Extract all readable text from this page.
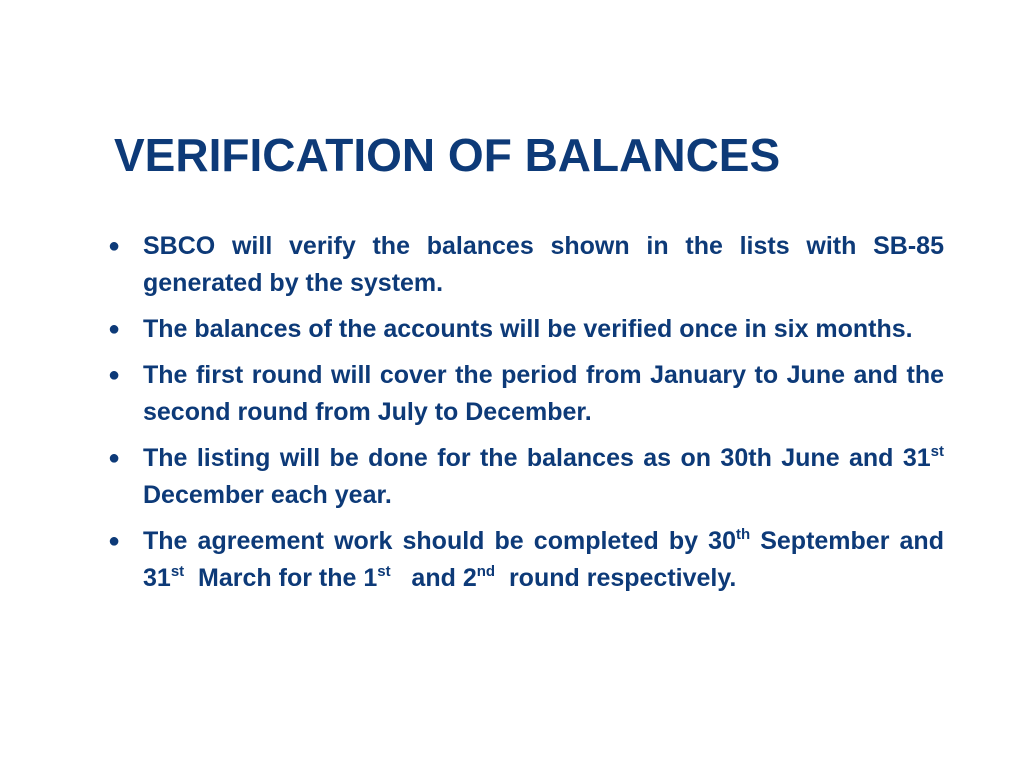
VERIFICATION OF BALANCES
● SBCO will verify the balances shown in the lists with SB-85 generated by the system.
● The balances of the accounts will be verified once in six months.
● The first round will cover the period from January to June and the second round from July to December.
● The listing will be done for the balances as on 30th June and 31st  December each year.
● The agreement work should be completed by 30th September and 31st  March for the 1st   and 2nd  round respectively.
